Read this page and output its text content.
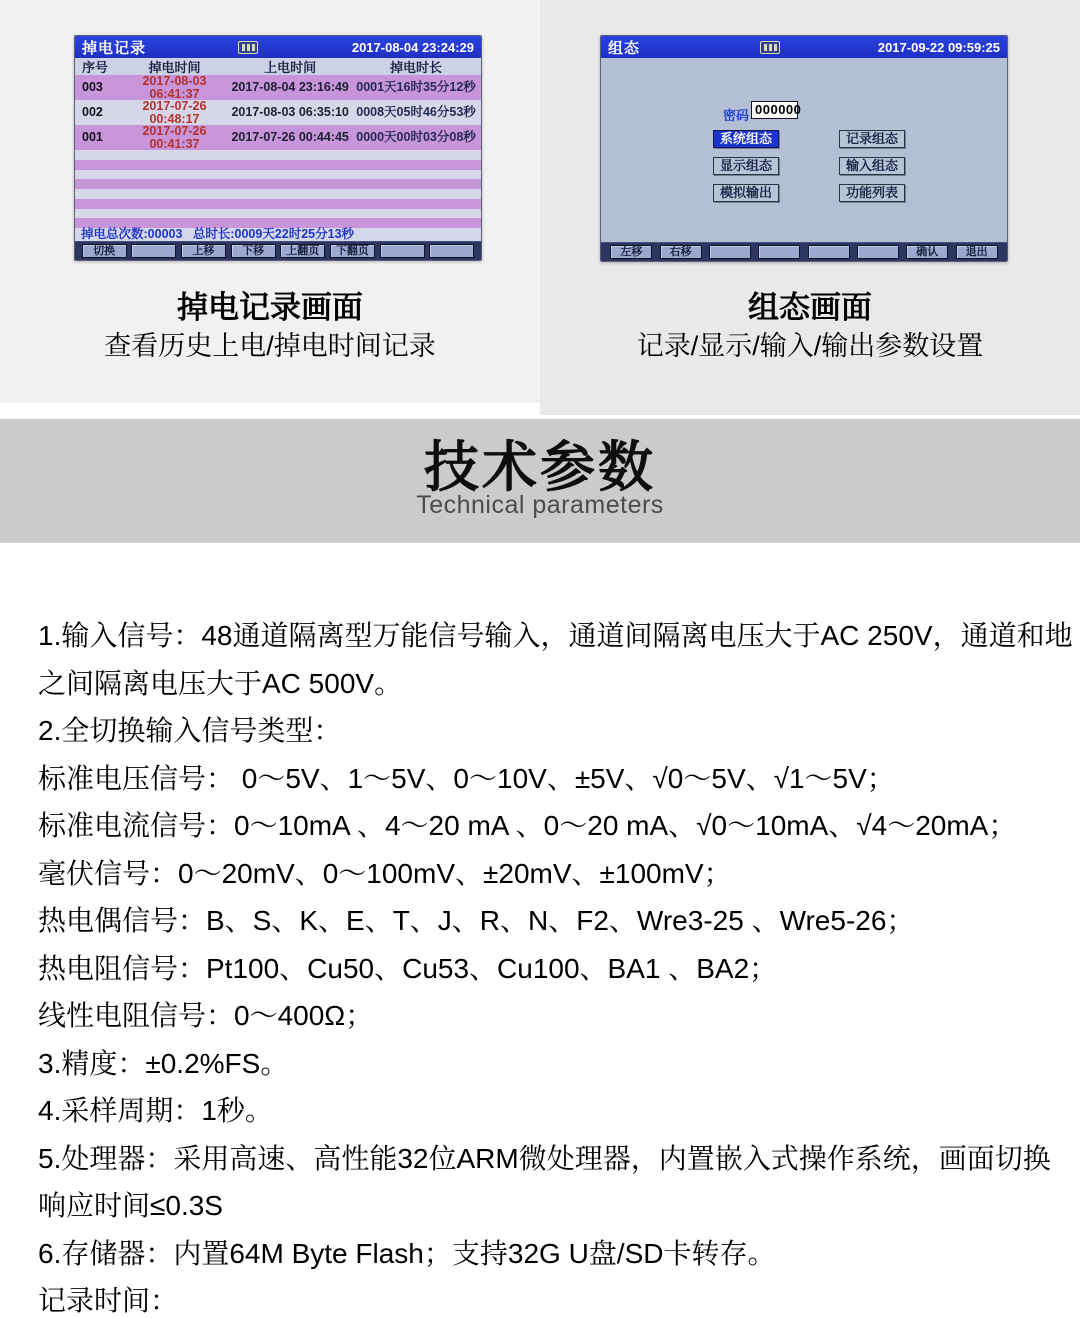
掉电记录	2017-08-04 23:24:29
序号	掉电时间	上电时间	掉电时长
003	2017-08-03 06:41:37	2017-08-04 23:16:49 0001天16时35分12秒
002	2017-07-26 00:48:17	2017-08-03 06:35:10 0008天05时46分53秒
001	2017-07-26 00:41:37	2017-07-26 00:44:45 0000天00时03分08秒
掉电总次数:00003   总时长:0009天22时25分13秒
切换	上移	下移	上翻页	下翻页
掉电记录画面
查看历史上电/掉电时间记录
组态	2017-09-22 09:59:25
密码 000000
系统组态	记录组态
显示组态	输入组态
模拟输出	功能列表
左移	右移	确认	退出
组态画面
记录/显示/输入/输出参数设置
技术参数
Technical parameters

1.输入信号：48通道隔离型万能信号输入，通道间隔离电压大于AC 250V，通道和地

之间隔离电压大于AC 500V。

2.全切换输入信号类型：

标准电压信号： 0～5V、1～5V、0～10V、±5V、√0～5V、√1～5V；

标准电流信号：0～10mA 、4～20 mA 、0～20 mA、√0～10mA、√4～20mA；

毫伏信号：0～20mV、0～100mV、±20mV、±100mV；

热电偶信号：B、S、K、E、T、J、R、N、F2、Wre3-25 、Wre5-26；

热电阻信号：Pt100、Cu50、Cu53、Cu100、BA1 、BA2；

线性电阻信号：0～400Ω；

3.精度：±0.2%FS。

4.采样周期：1秒。

5.处理器：采用高速、高性能32位ARM微处理器，内置嵌入式操作系统，画面切换

响应时间≤0.3S

6.存储器：内置64M Byte Flash；支持32G U盘/SD卡转存。

记录时间：
